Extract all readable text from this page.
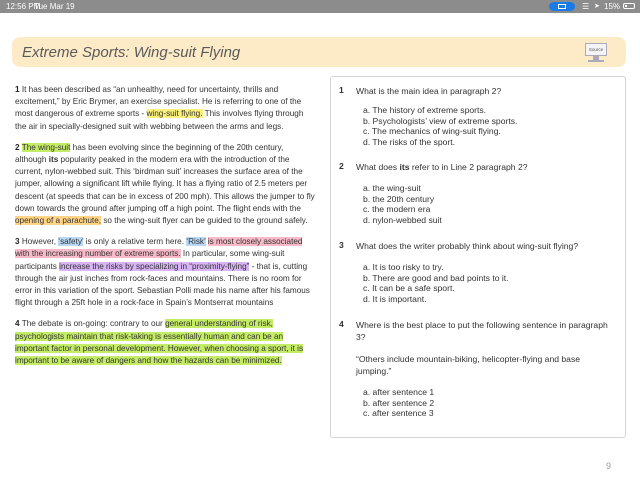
12:56 PM
Tue Mar 19	☰ ➤ 15%
Extreme Sports: Wing-suit Flying	Source

1 It has been described as “an unhealthy, need for uncertainty, thrills and excitement,” by Eric Brymer, an exercise specialist. He is referring to one of the most dangerous of extreme sports - wing-suit flying. This involves flying through the air in specially-designed suit with webbing between the arms and legs.

2 The wing-suit has been evolving since the beginning of the 20th century, although its popularity peaked in the modern era with the introduction of the current, nylon-webbed suit. This ‘birdman suit’ increases the surface area of the jumper, allowing a significant lift while flying. It has a flying ratio of 2.5 meters per descent (at speeds that can be in excess of 200 mph). This allows the jumper to fly down towards the ground after jumping off a high point. The flight ends with the opening of a parachute, so the wing-suit flyer can be guided to the ground safely.

3 However, ‘safety’ is only a relative term here. ‘Risk’ is most closely associated with the increasing number of extreme sports. In particular, some wing-suit participants increase the risks by specializing in “proximity-flying” - that is, cutting through the air just inches from rock-faces and mountains. There is no room for error in this variation of the sport. Sebastian Polli made his name after his famous flight through a 25ft hole in a rock-face in Spain’s Montserrat mountains

4 The debate is on-going: contrary to our general understanding of risk, psychologists maintain that risk-taking is essentially human and can be an important factor in personal development. However, when choosing a sport, it is important to be aware of dangers and how the hazards can be minimized.

1 What is the main idea in paragraph 2?
a. The history of extreme sports.
b. Psychologists’ view of extreme sports.
c. The mechanics of wing-suit flying.
d. The risks of the sport.
2 What does its refer to in Line 2 paragraph 2?
a. the wing-suit
b. the 20th century
c. the modern era
d. nylon-webbed suit
3 What does the writer probably think about wing-suit flying?
a. It is too risky to try.
b. There are good and bad points to it.
c. It can be a safe sport.
d. It is important.
4 Where is the best place to put the following sentence in paragraph 3?
“Others include mountain-biking, helicopter-flying and base jumping.”
a. after sentence 1
b. after sentence 2
c. after sentence 3
9
